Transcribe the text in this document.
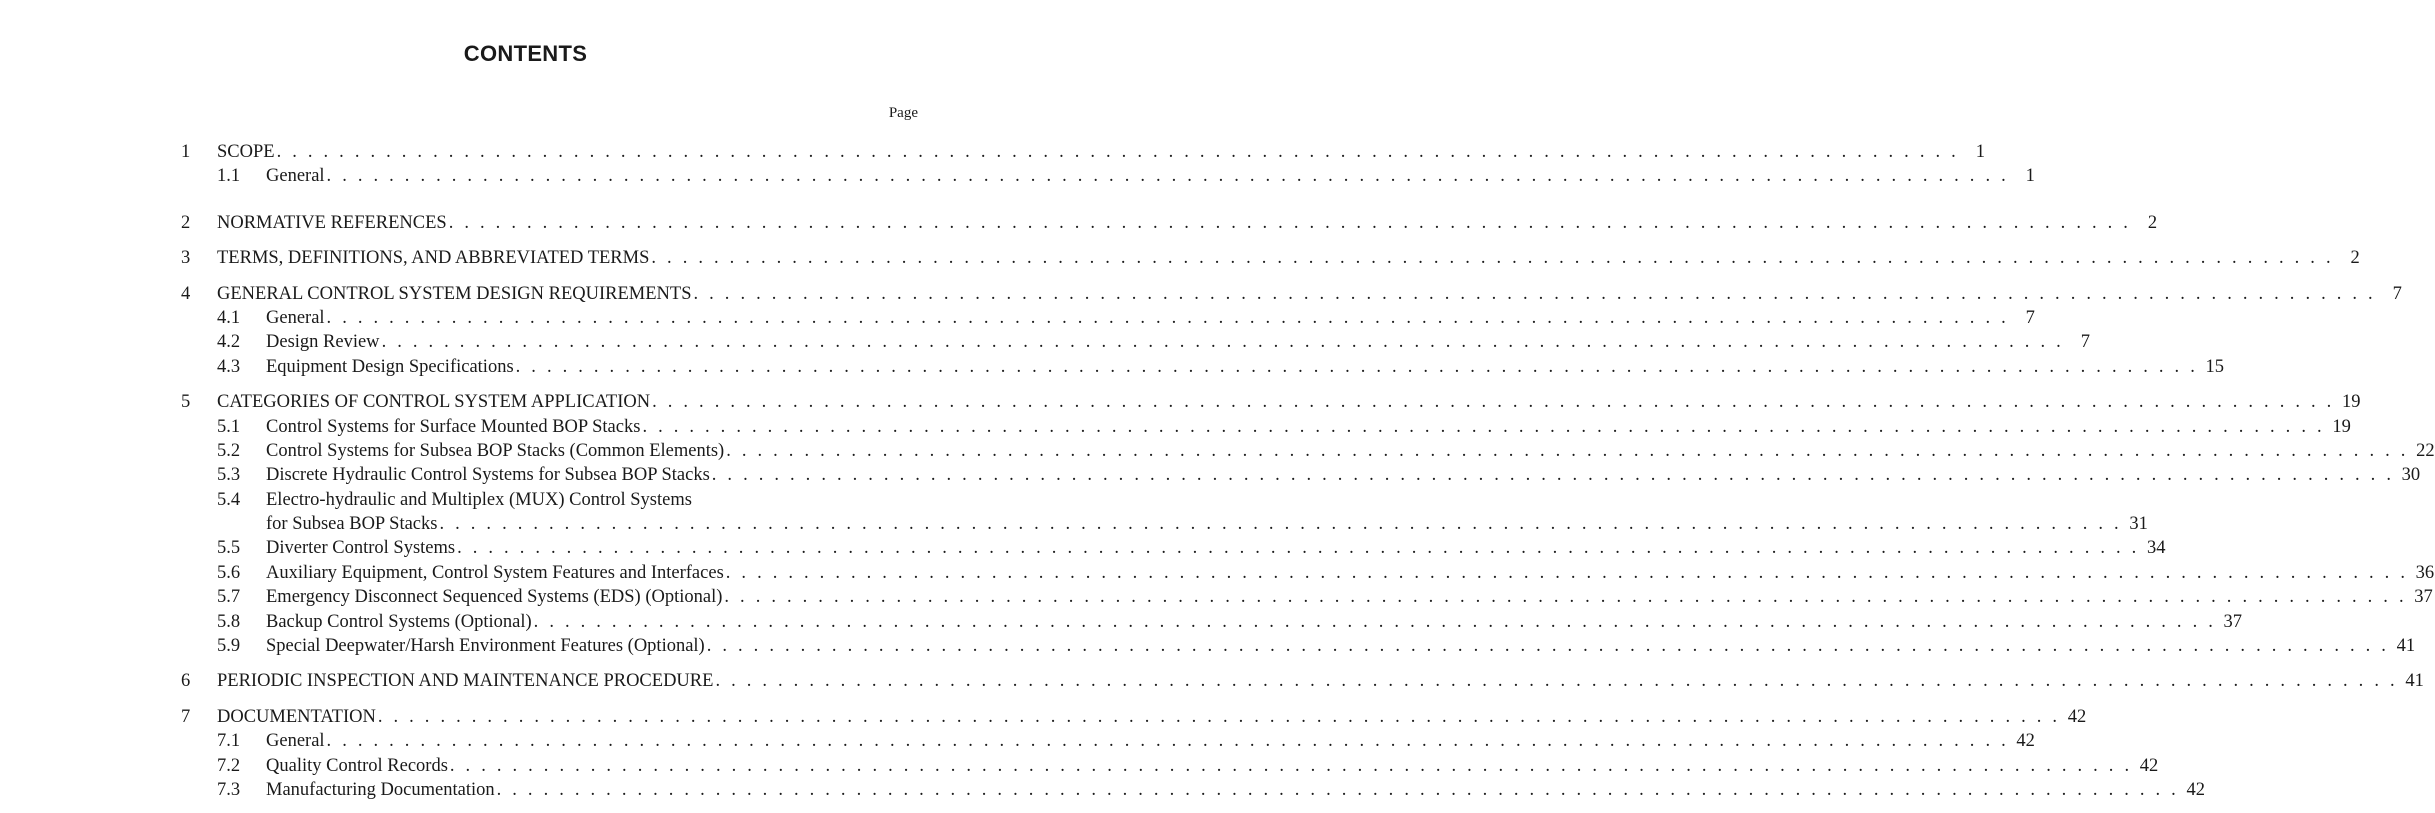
CONTENTS
Page
1	SCOPE . . . . . . . . . . . . . . . . . . . . . . . . . . . . . . . . . . . . . . . . . . . . . . . . . . . . . . . . . . . . . . . . . . . . . . . . . . . . . . . . . . . . . . . . . . . . . . . . . . . . . . . . . . . . 1
1.1	General . . . . . . . . . . . . . . . . . . . . . . . . . . . . . . . . . . . . . . . . . . . . . . . . . . . . . . . . . . . . . . . . . . . . . . . . . . . . . . . . . . . . . . . . . . . . . . . . . . . . . . . . . . . . 1
2	NORMATIVE REFERENCES . . . . . . . . . . . . . . . . . . . . . . . . . . . . . . . . . . . . . . . . . . . . . . . . . . . . . . . . . . . . . . . . . . . . . . . . . . . . . . . . . . . . . . . . . . . . . . . . . . . . . . . . . . . . 2
3	TERMS, DEFINITIONS, AND ABBREVIATED TERMS . . . . . . . . . . . . . . . . . . . . . . . . . . . . . . . . . . . . . . . . . . . . . . . . . . . . . . . . . . . . . . . . . . . . . . . . . . . . . . . . . . . . . . . . . . . . . . . . . . . . . . . . . . . . 2
4	GENERAL CONTROL SYSTEM DESIGN REQUIREMENTS . . . . . . . . . . . . . . . . . . . . . . . . . . . . . . . . . . . . . . . . . . . . . . . . . . . . . . . . . . . . . . . . . . . . . . . . . . . . . . . . . . . . . . . . . . . . . . . . . . . . . . . . . . . . 7
4.1	General . . . . . . . . . . . . . . . . . . . . . . . . . . . . . . . . . . . . . . . . . . . . . . . . . . . . . . . . . . . . . . . . . . . . . . . . . . . . . . . . . . . . . . . . . . . . . . . . . . . . . . . . . . . . 7
4.2	Design Review . . . . . . . . . . . . . . . . . . . . . . . . . . . . . . . . . . . . . . . . . . . . . . . . . . . . . . . . . . . . . . . . . . . . . . . . . . . . . . . . . . . . . . . . . . . . . . . . . . . . . . . . . . . . 7
4.3	Equipment Design Specifications . . . . . . . . . . . . . . . . . . . . . . . . . . . . . . . . . . . . . . . . . . . . . . . . . . . . . . . . . . . . . . . . . . . . . . . . . . . . . . . . . . . . . . . . . . . . . . . . . . . . . . . . . . . . 15
5	CATEGORIES OF CONTROL SYSTEM APPLICATION . . . . . . . . . . . . . . . . . . . . . . . . . . . . . . . . . . . . . . . . . . . . . . . . . . . . . . . . . . . . . . . . . . . . . . . . . . . . . . . . . . . . . . . . . . . . . . . . . . . . . . . . . . . . 19
5.1	Control Systems for Surface Mounted BOP Stacks . . . . . . . . . . . . . . . . . . . . . . . . . . . . . . . . . . . . . . . . . . . . . . . . . . . . . . . . . . . . . . . . . . . . . . . . . . . . . . . . . . . . . . . . . . . . . . . . . . . . . . . . . . . . 19
5.2	Control Systems for Subsea BOP Stacks (Common Elements) . . . . . . . . . . . . . . . . . . . . . . . . . . . . . . . . . . . . . . . . . . . . . . . . . . . . . . . . . . . . . . . . . . . . . . . . . . . . . . . . . . . . . . . . . . . . . . . . . . . . . . . . . . . . 22
5.3	Discrete Hydraulic Control Systems for Subsea BOP Stacks . . . . . . . . . . . . . . . . . . . . . . . . . . . . . . . . . . . . . . . . . . . . . . . . . . . . . . . . . . . . . . . . . . . . . . . . . . . . . . . . . . . . . . . . . . . . . . . . . . . . . . . . . . . . 30
5.4	Electro-hydraulic and Multiplex (MUX) Control Systems
for Subsea BOP Stacks . . . . . . . . . . . . . . . . . . . . . . . . . . . . . . . . . . . . . . . . . . . . . . . . . . . . . . . . . . . . . . . . . . . . . . . . . . . . . . . . . . . . . . . . . . . . . . . . . . . . . . . . . . . . 31
5.5	Diverter Control Systems . . . . . . . . . . . . . . . . . . . . . . . . . . . . . . . . . . . . . . . . . . . . . . . . . . . . . . . . . . . . . . . . . . . . . . . . . . . . . . . . . . . . . . . . . . . . . . . . . . . . . . . . . . . . 34
5.6	Auxiliary Equipment, Control System Features and Interfaces . . . . . . . . . . . . . . . . . . . . . . . . . . . . . . . . . . . . . . . . . . . . . . . . . . . . . . . . . . . . . . . . . . . . . . . . . . . . . . . . . . . . . . . . . . . . . . . . . . . . . . . . . . . . 36
5.7	Emergency Disconnect Sequenced Systems (EDS) (Optional) . . . . . . . . . . . . . . . . . . . . . . . . . . . . . . . . . . . . . . . . . . . . . . . . . . . . . . . . . . . . . . . . . . . . . . . . . . . . . . . . . . . . . . . . . . . . . . . . . . . . . . . . . . . . 37
5.8	Backup Control Systems (Optional) . . . . . . . . . . . . . . . . . . . . . . . . . . . . . . . . . . . . . . . . . . . . . . . . . . . . . . . . . . . . . . . . . . . . . . . . . . . . . . . . . . . . . . . . . . . . . . . . . . . . . . . . . . . . 37
5.9	Special Deepwater/Harsh Environment Features (Optional) . . . . . . . . . . . . . . . . . . . . . . . . . . . . . . . . . . . . . . . . . . . . . . . . . . . . . . . . . . . . . . . . . . . . . . . . . . . . . . . . . . . . . . . . . . . . . . . . . . . . . . . . . . . . 41
6	PERIODIC INSPECTION AND MAINTENANCE PROCEDURE . . . . . . . . . . . . . . . . . . . . . . . . . . . . . . . . . . . . . . . . . . . . . . . . . . . . . . . . . . . . . . . . . . . . . . . . . . . . . . . . . . . . . . . . . . . . . . . . . . . . . . . . . . . . 41
7	DOCUMENTATION . . . . . . . . . . . . . . . . . . . . . . . . . . . . . . . . . . . . . . . . . . . . . . . . . . . . . . . . . . . . . . . . . . . . . . . . . . . . . . . . . . . . . . . . . . . . . . . . . . . . . . . . . . . . 42
7.1	General . . . . . . . . . . . . . . . . . . . . . . . . . . . . . . . . . . . . . . . . . . . . . . . . . . . . . . . . . . . . . . . . . . . . . . . . . . . . . . . . . . . . . . . . . . . . . . . . . . . . . . . . . . . . 42
7.2	Quality Control Records . . . . . . . . . . . . . . . . . . . . . . . . . . . . . . . . . . . . . . . . . . . . . . . . . . . . . . . . . . . . . . . . . . . . . . . . . . . . . . . . . . . . . . . . . . . . . . . . . . . . . . . . . . . . 42
7.3	Manufacturing Documentation . . . . . . . . . . . . . . . . . . . . . . . . . . . . . . . . . . . . . . . . . . . . . . . . . . . . . . . . . . . . . . . . . . . . . . . . . . . . . . . . . . . . . . . . . . . . . . . . . . . . . . . . . . . . 42
